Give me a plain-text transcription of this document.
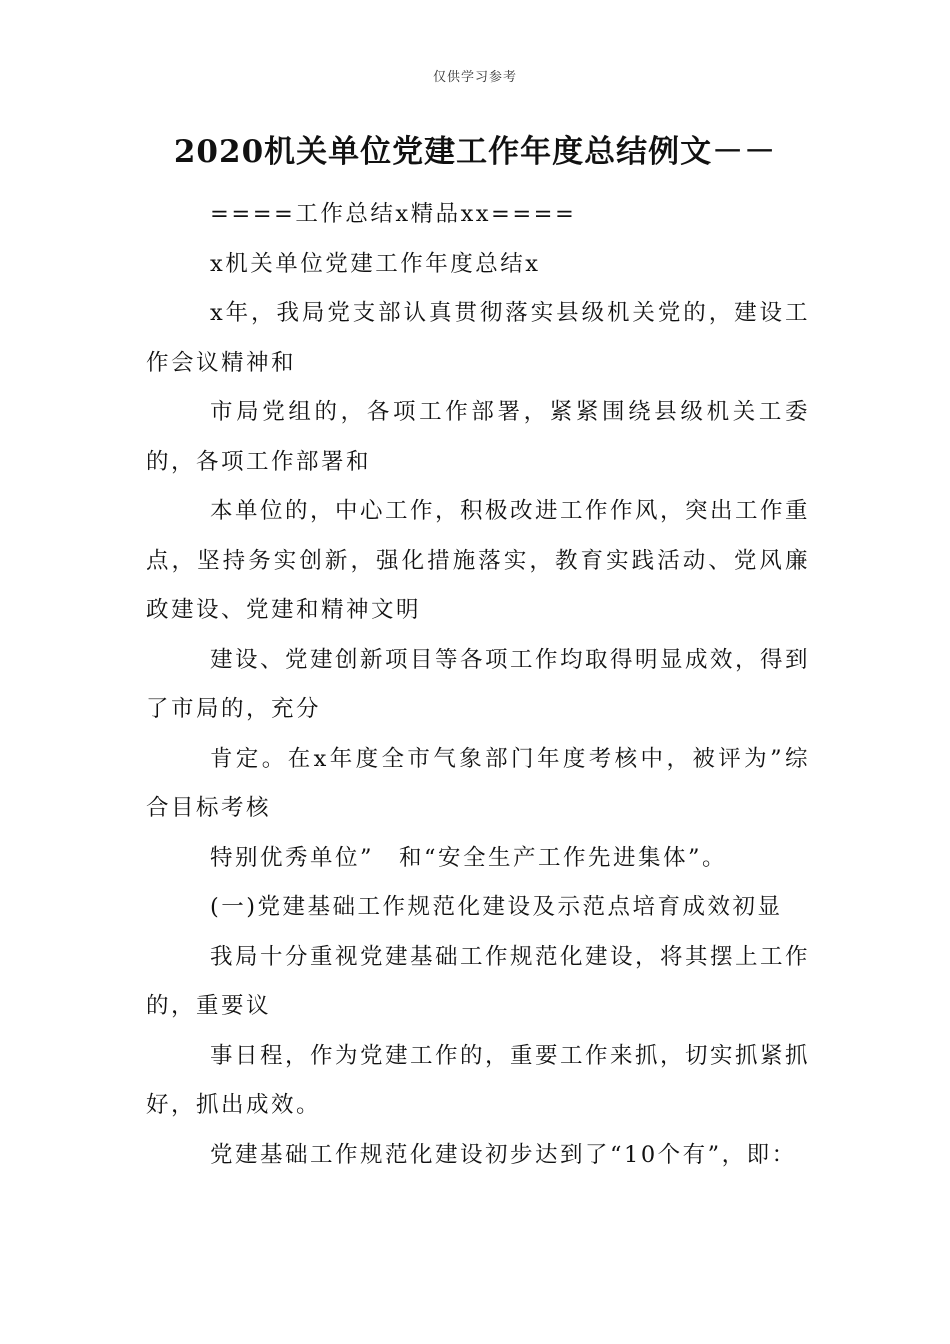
仅供学习参考
2020机关单位党建工作年度总结例文－－

====工作总结x精品xx====

x机关单位党建工作年度总结x

x年，我局党支部认真贯彻落实县级机关党的，建设工作会议精神和

市局党组的，各项工作部署，紧紧围绕县级机关工委的，各项工作部署和

本单位的，中心工作，积极改进工作作风，突出工作重点，坚持务实创新，强化措施落实，教育实践活动、党风廉政建设、党建和精神文明

建设、党建创新项目等各项工作均取得明显成效，得到了市局的，充分

肯定。在x年度全市气象部门年度考核中，被评为”综合目标考核

特别优秀单位”　和“安全生产工作先进集体”。

(一)党建基础工作规范化建设及示范点培育成效初显

我局十分重视党建基础工作规范化建设，将其摆上工作的，重要议

事日程，作为党建工作的，重要工作来抓，切实抓紧抓好，抓出成效。

党建基础工作规范化建设初步达到了“10个有”，即：
